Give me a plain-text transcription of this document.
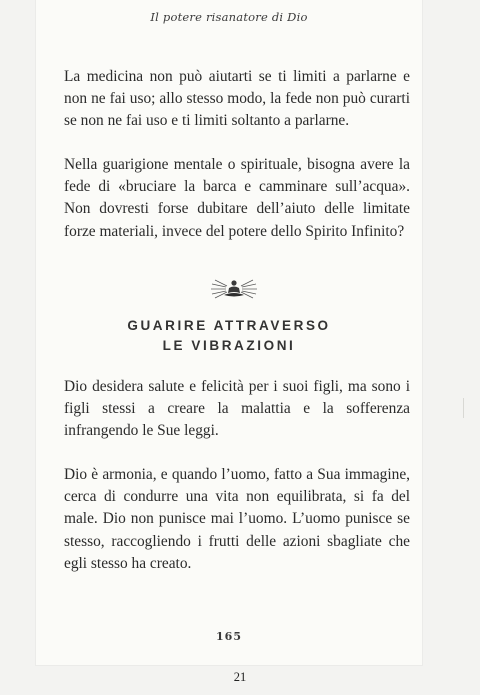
Il potere risanatore di Dio
La medicina non può aiutarti se ti limiti a parlarne e non ne fai uso; allo stesso modo, la fede non può curarti se non ne fai uso e ti limiti soltanto a parlarne.
Nella guarigione mentale o spirituale, bisogna avere la fede di «bruciare la barca e camminare sull’acqua». Non dovresti forse dubitare dell’aiuto delle limitate forze materiali, invece del potere dello Spirito Infinito?
GUARIRE ATTRAVERSO
LE VIBRAZIONI
Dio desidera salute e felicità per i suoi figli, ma sono i figli stessi a creare la malattia e la sofferenza infrangendo le Sue leggi.
Dio è armonia, e quando l’uomo, fatto a Sua immagine, cerca di condurre una vita non equilibrata, si fa del male. Dio non punisce mai l’uomo. L’uomo punisce se stesso, raccogliendo i frutti delle azioni sbagliate che egli stesso ha creato.
165
21
